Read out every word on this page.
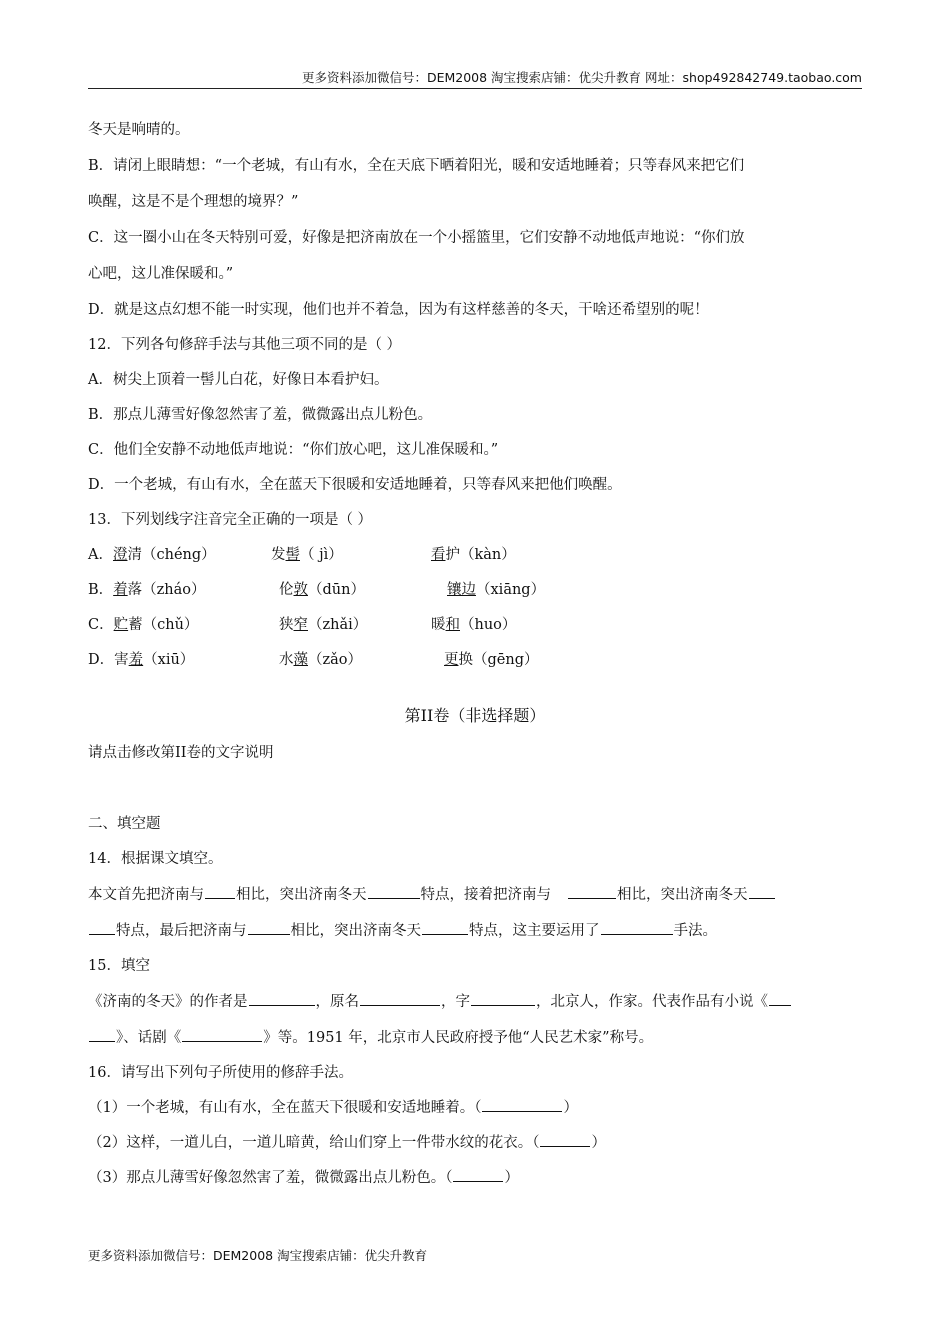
更多资料添加微信号：DEM2008 淘宝搜索店铺：优尖升教育 网址：shop492842749.taobao.com
冬天是响晴的。
B．请闭上眼睛想：“一个老城，有山有水，全在天底下晒着阳光，暖和安适地睡着；只等春风来把它们
唤醒，这是不是个理想的境界？”
C．这一圈小山在冬天特别可爱，好像是把济南放在一个小摇篮里，它们安静不动地低声地说：“你们放
心吧，这儿准保暖和。”
D．就是这点幻想不能一时实现，他们也并不着急，因为有这样慈善的冬天，干啥还希望别的呢！
12．下列各句修辞手法与其他三项不同的是（ ）
A．树尖上顶着一髻儿白花，好像日本看护妇。
B．那点儿薄雪好像忽然害了羞，微微露出点儿粉色。
C．他们全安静不动地低声地说：“你们放心吧，这儿准保暖和。”
D．一个老城，有山有水，全在蓝天下很暖和安适地睡着，只等春风来把他们唤醒。
13．下列划线字注音完全正确的一项是（ ）
A．澄清（chéng）	发髻（ jì）	看护（kàn）
B．着落（zháo）	伦敦（dūn）	镶边（xiāng）
C．贮蓄（chǔ）	狭窄（zhǎi）	暖和（huo）
D．害羞（xiū）	水藻（zǎo）	更换（gēng）
第II卷（非选择题）
请点击修改第II卷的文字说明
二、填空题
14．根据课文填空。
本文首先把济南与 相比，突出济南冬天	特点，接着把济南与	相比，突出济南冬天
特点，最后把济南与	相比，突出济南冬天	特点，这主要运用了	手法。
15．填空
《济南的冬天》的作者是	，原名	，字	，北京人，作家。代表作品有小说《
》、话剧《	》等。1951 年，北京市人民政府授予他“人民艺术家”称号。
16．请写出下列句子所使用的修辞手法。
（1）一个老城，有山有水，全在蓝天下很暖和安适地睡着。（	）
（2）这样，一道儿白，一道儿暗黄，给山们穿上一件带水纹的花衣。（	）
（3）那点儿薄雪好像忽然害了羞，微微露出点儿粉色。（	）
更多资料添加微信号：DEM2008 淘宝搜索店铺：优尖升教育
